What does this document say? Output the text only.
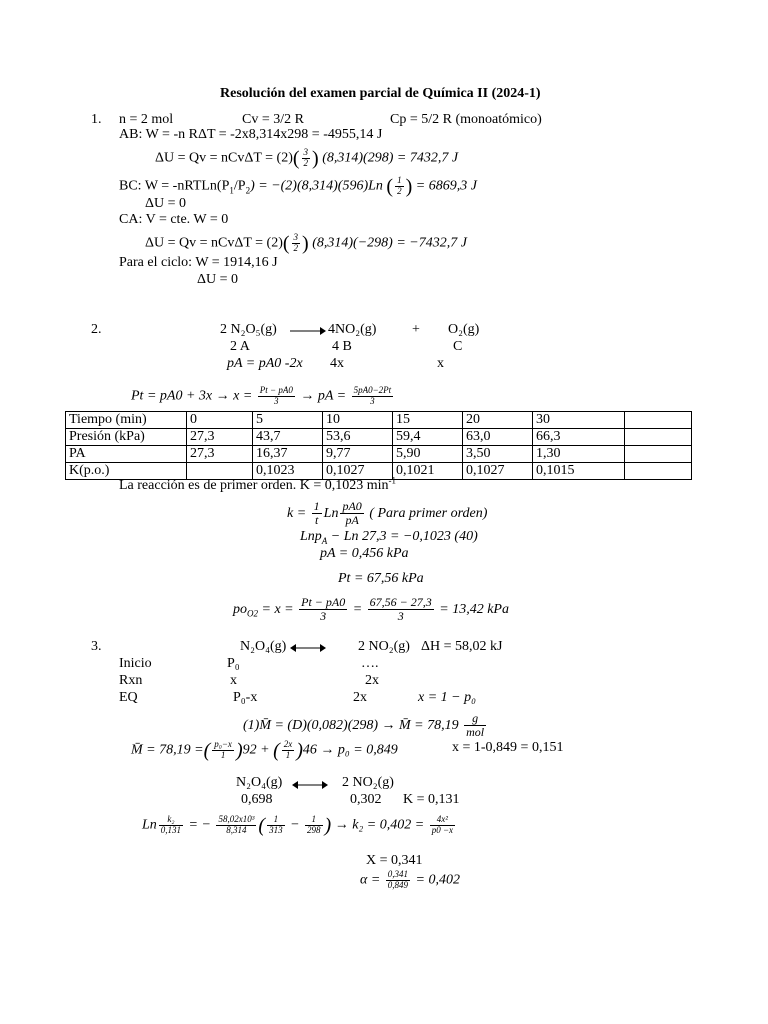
Resolución del examen parcial de Química II (2024-1)
1. n = 2 mol	Cv = 3/2 R	Cp = 5/2 R (monoatómico)
AB: W = -n RΔT = -2x8,314x298 = -4955,14 J
$\Delta U = Qv = nCv\Delta T = (2)( \frac{3}{2}$ ) (8,314)(298) = 7432,7 J
BC: $W = -nRTLn(P_1/P_2) = -(2)(8,314)(596)Ln$ ( $\frac{1}{2}$ ) = 6869,3 J
ΔU = 0
CA: V = cte. W = 0
$\Delta U = Qv = nCv\Delta T = (2)( \frac{3}{2}$ ) (8,314)(−298) = −7432,7 J
Para el ciclo: W = 1914,16 J
ΔU = 0
2.	2 N₂O₅(g)	4NO₂(g)	+ O₂(g)
2 A	4 B	C
pA = pA0 -2x 4x	x
$Pt = pA0 + 3x \to x = \frac{Pt - pA0}{3}$ → pA = $\frac{5pA0-2Pt}{3}$
Tiempo (min)	0	5	10	15	20	30	
Presión (kPa)	27,3	43,7	53,6	59,4	63,0	66,3	
PA	27,3	16,37	9,77	5,90	3,50	1,30	
K(p.o.)		0,1023	0,1027	0,1021	0,1027	0,1015	
La reacción es de primer orden. K = 0,1023 $\min^{-1}$
$k = \frac{1}{t}$ Ln $\frac{pA0}{pA}$ ( Para primer orden)
Lnp$_A$ − Ln 27,3 = −0,1023 (40)
pA = 0,456 kPa
Pt = 67,56 kPa
$po_{O2} = x = \frac{Pt - pA0}{3} = \frac{67,56 - 27,3}{3} = 13,42$ kPa
3.	N₂O₄(g)	2 NO₂(g) ΔH = 58,02 kJ
Inicio	P₀	….
Rxn	x	2x
EQ	P₀-x	2x	x = 1 − p₀
(1)M̄ = (D)(0,082)(298) → M̄ = $78,19 \frac{g}{\text{mol}}$
M̄ = 78,19 =( $\frac{\text{p₀−x}}{1} )92$ + ( $\frac{2x}{1} )46 \to p_0 = 0,849$	x = 1-0,849 = 0,151
N₂O₄(g)	2 NO₂(g)
0,698	0,302 K = 0,131
Ln $\frac{\text{k₂}}{0,131}$ = − $\frac{\text{58,02x10³}}{8,314}$ ( $\frac{1}{313} - \frac{1}{298}$ ) → $k_2 = 0,402 = \frac{\text{4x²}}{p0 -x}$
X = 0,341
$\alpha = \frac{0,341}{0,849} = 0,402$
